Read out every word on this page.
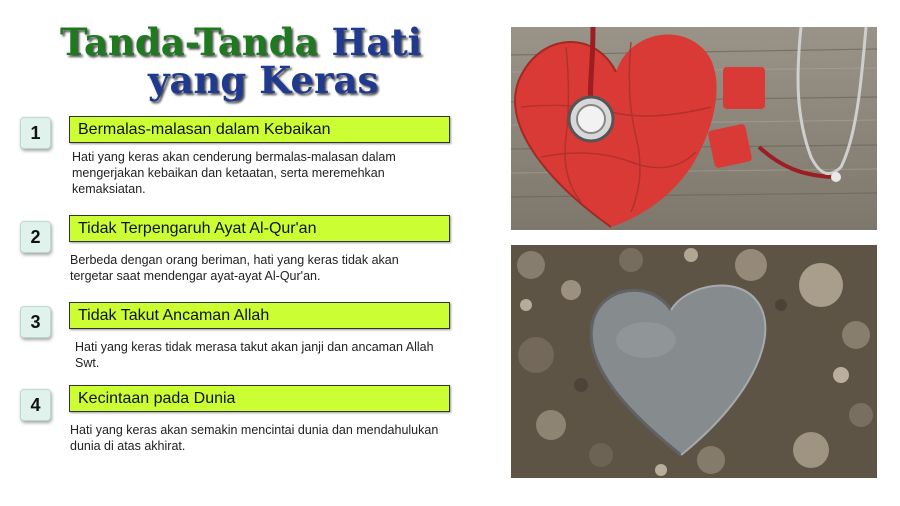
Tanda-Tanda Hati
yang Keras
1	Bermalas-malasan dalam Kebaikan
Hati yang keras akan cenderung bermalas-malasan dalam mengerjakan kebaikan dan ketaatan, serta meremehkan kemaksiatan.
2	Tidak Terpengaruh Ayat Al-Qur'an
Berbeda dengan orang beriman, hati yang keras tidak akan tergetar saat mendengar ayat-ayat Al-Qur'an.
3	Tidak Takut Ancaman Allah
Hati yang keras tidak merasa takut akan janji dan ancaman Allah Swt.
4	Kecintaan pada Dunia
Hati yang keras akan semakin mencintai dunia dan mendahulukan dunia di atas akhirat.
